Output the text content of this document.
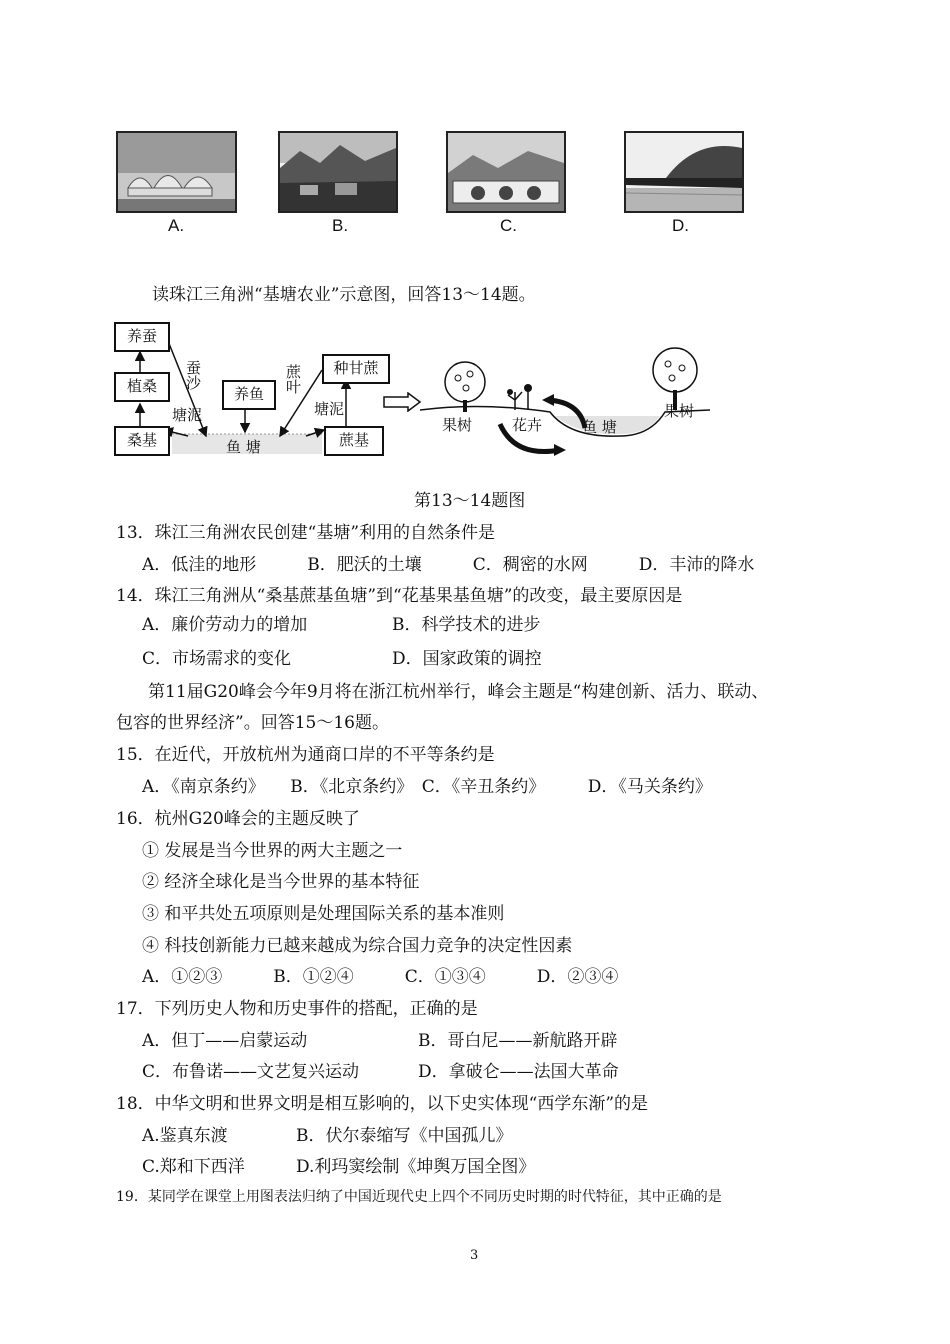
A.	B.	C.	D.
读珠江三角洲“基塘农业”示意图，回答13～14题。
养蚕
植桑
桑基
养鱼
种甘蔗
蔗基
蚕沙
塘泥
蔗叶
塘泥
鱼 塘
果树	花卉	鱼 塘
果树
第13～14题图
13．珠江三角洲农民创建“基塘”利用的自然条件是
A．低洼的地形　　　B．肥沃的土壤　　　C．稠密的水网　　　D．丰沛的降水
14．珠江三角洲从“桑基蔗基鱼塘”到“花基果基鱼塘”的改变，最主要原因是
A．廉价劳动力的增加	B．科学技术的进步
C．市场需求的变化	D．国家政策的调控
第11届G20峰会今年9月将在浙江杭州举行，峰会主题是“构建创新、活力、联动、
包容的世界经济”。回答15～16题。
15．在近代，开放杭州为通商口岸的不平等条约是
A．《南京条约》　　B．《北京条约》　C．《辛丑条约》　　　D．《马关条约》
16．杭州G20峰会的主题反映了
① 发展是当今世界的两大主题之一
② 经济全球化是当今世界的基本特征
③ 和平共处五项原则是处理国际关系的基本准则
④ 科技创新能力已越来越成为综合国力竞争的决定性因素
A．①②③　　　B．①②④　　　C．①③④　　　D．②③④
17．下列历史人物和历史事件的搭配，正确的是
A．但丁——启蒙运动	B．哥白尼——新航路开辟
C．布鲁诺——文艺复兴运动	D．拿破仑——法国大革命
18．中华文明和世界文明是相互影响的，以下史实体现“西学东渐”的是
A.鉴真东渡	B．伏尔泰缩写《中国孤儿》
C.郑和下西洋	D.利玛窦绘制《坤舆万国全图》
19．某同学在课堂上用图表法归纳了中国近现代史上四个不同历史时期的时代特征，其中正确的是
3
